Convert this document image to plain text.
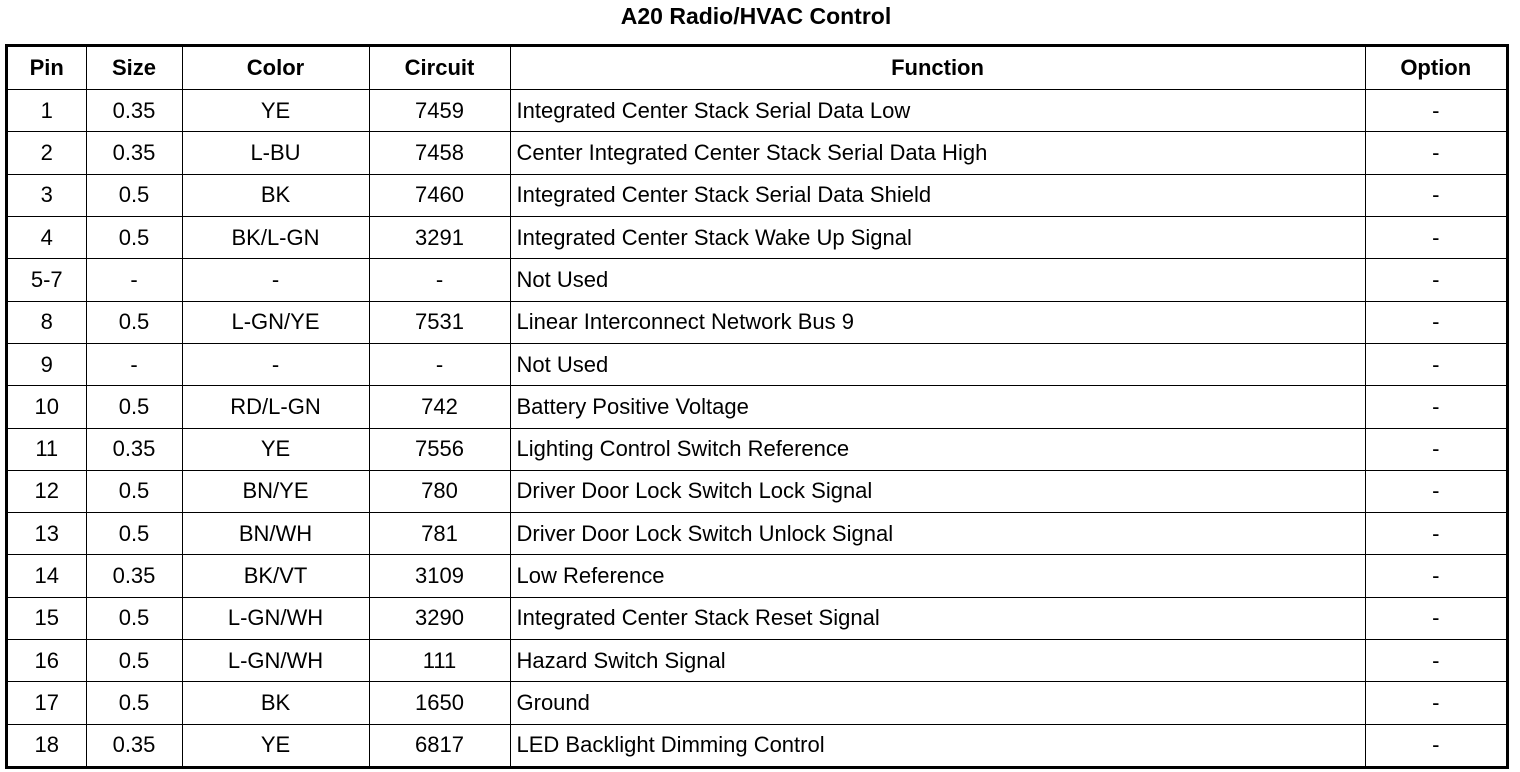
A20 Radio/HVAC Control
Pin	Size	Color	Circuit	Function	Option
1	0.35	YE	7459	Integrated Center Stack Serial Data Low	-
2	0.35	L-BU	7458	Center Integrated Center Stack Serial Data High	-
3	0.5	BK	7460	Integrated Center Stack Serial Data Shield	-
4	0.5	BK/L-GN	3291	Integrated Center Stack Wake Up Signal	-
5-7	-	-	-	Not Used	-
8	0.5	L-GN/YE	7531	Linear Interconnect Network Bus 9	-
9	-	-	-	Not Used	-
10	0.5	RD/L-GN	742	Battery Positive Voltage	-
11	0.35	YE	7556	Lighting Control Switch Reference	-
12	0.5	BN/YE	780	Driver Door Lock Switch Lock Signal	-
13	0.5	BN/WH	781	Driver Door Lock Switch Unlock Signal	-
14	0.35	BK/VT	3109	Low Reference	-
15	0.5	L-GN/WH	3290	Integrated Center Stack Reset Signal	-
16	0.5	L-GN/WH	111	Hazard Switch Signal	-
17	0.5	BK	1650	Ground	-
18	0.35	YE	6817	LED Backlight Dimming Control	-
